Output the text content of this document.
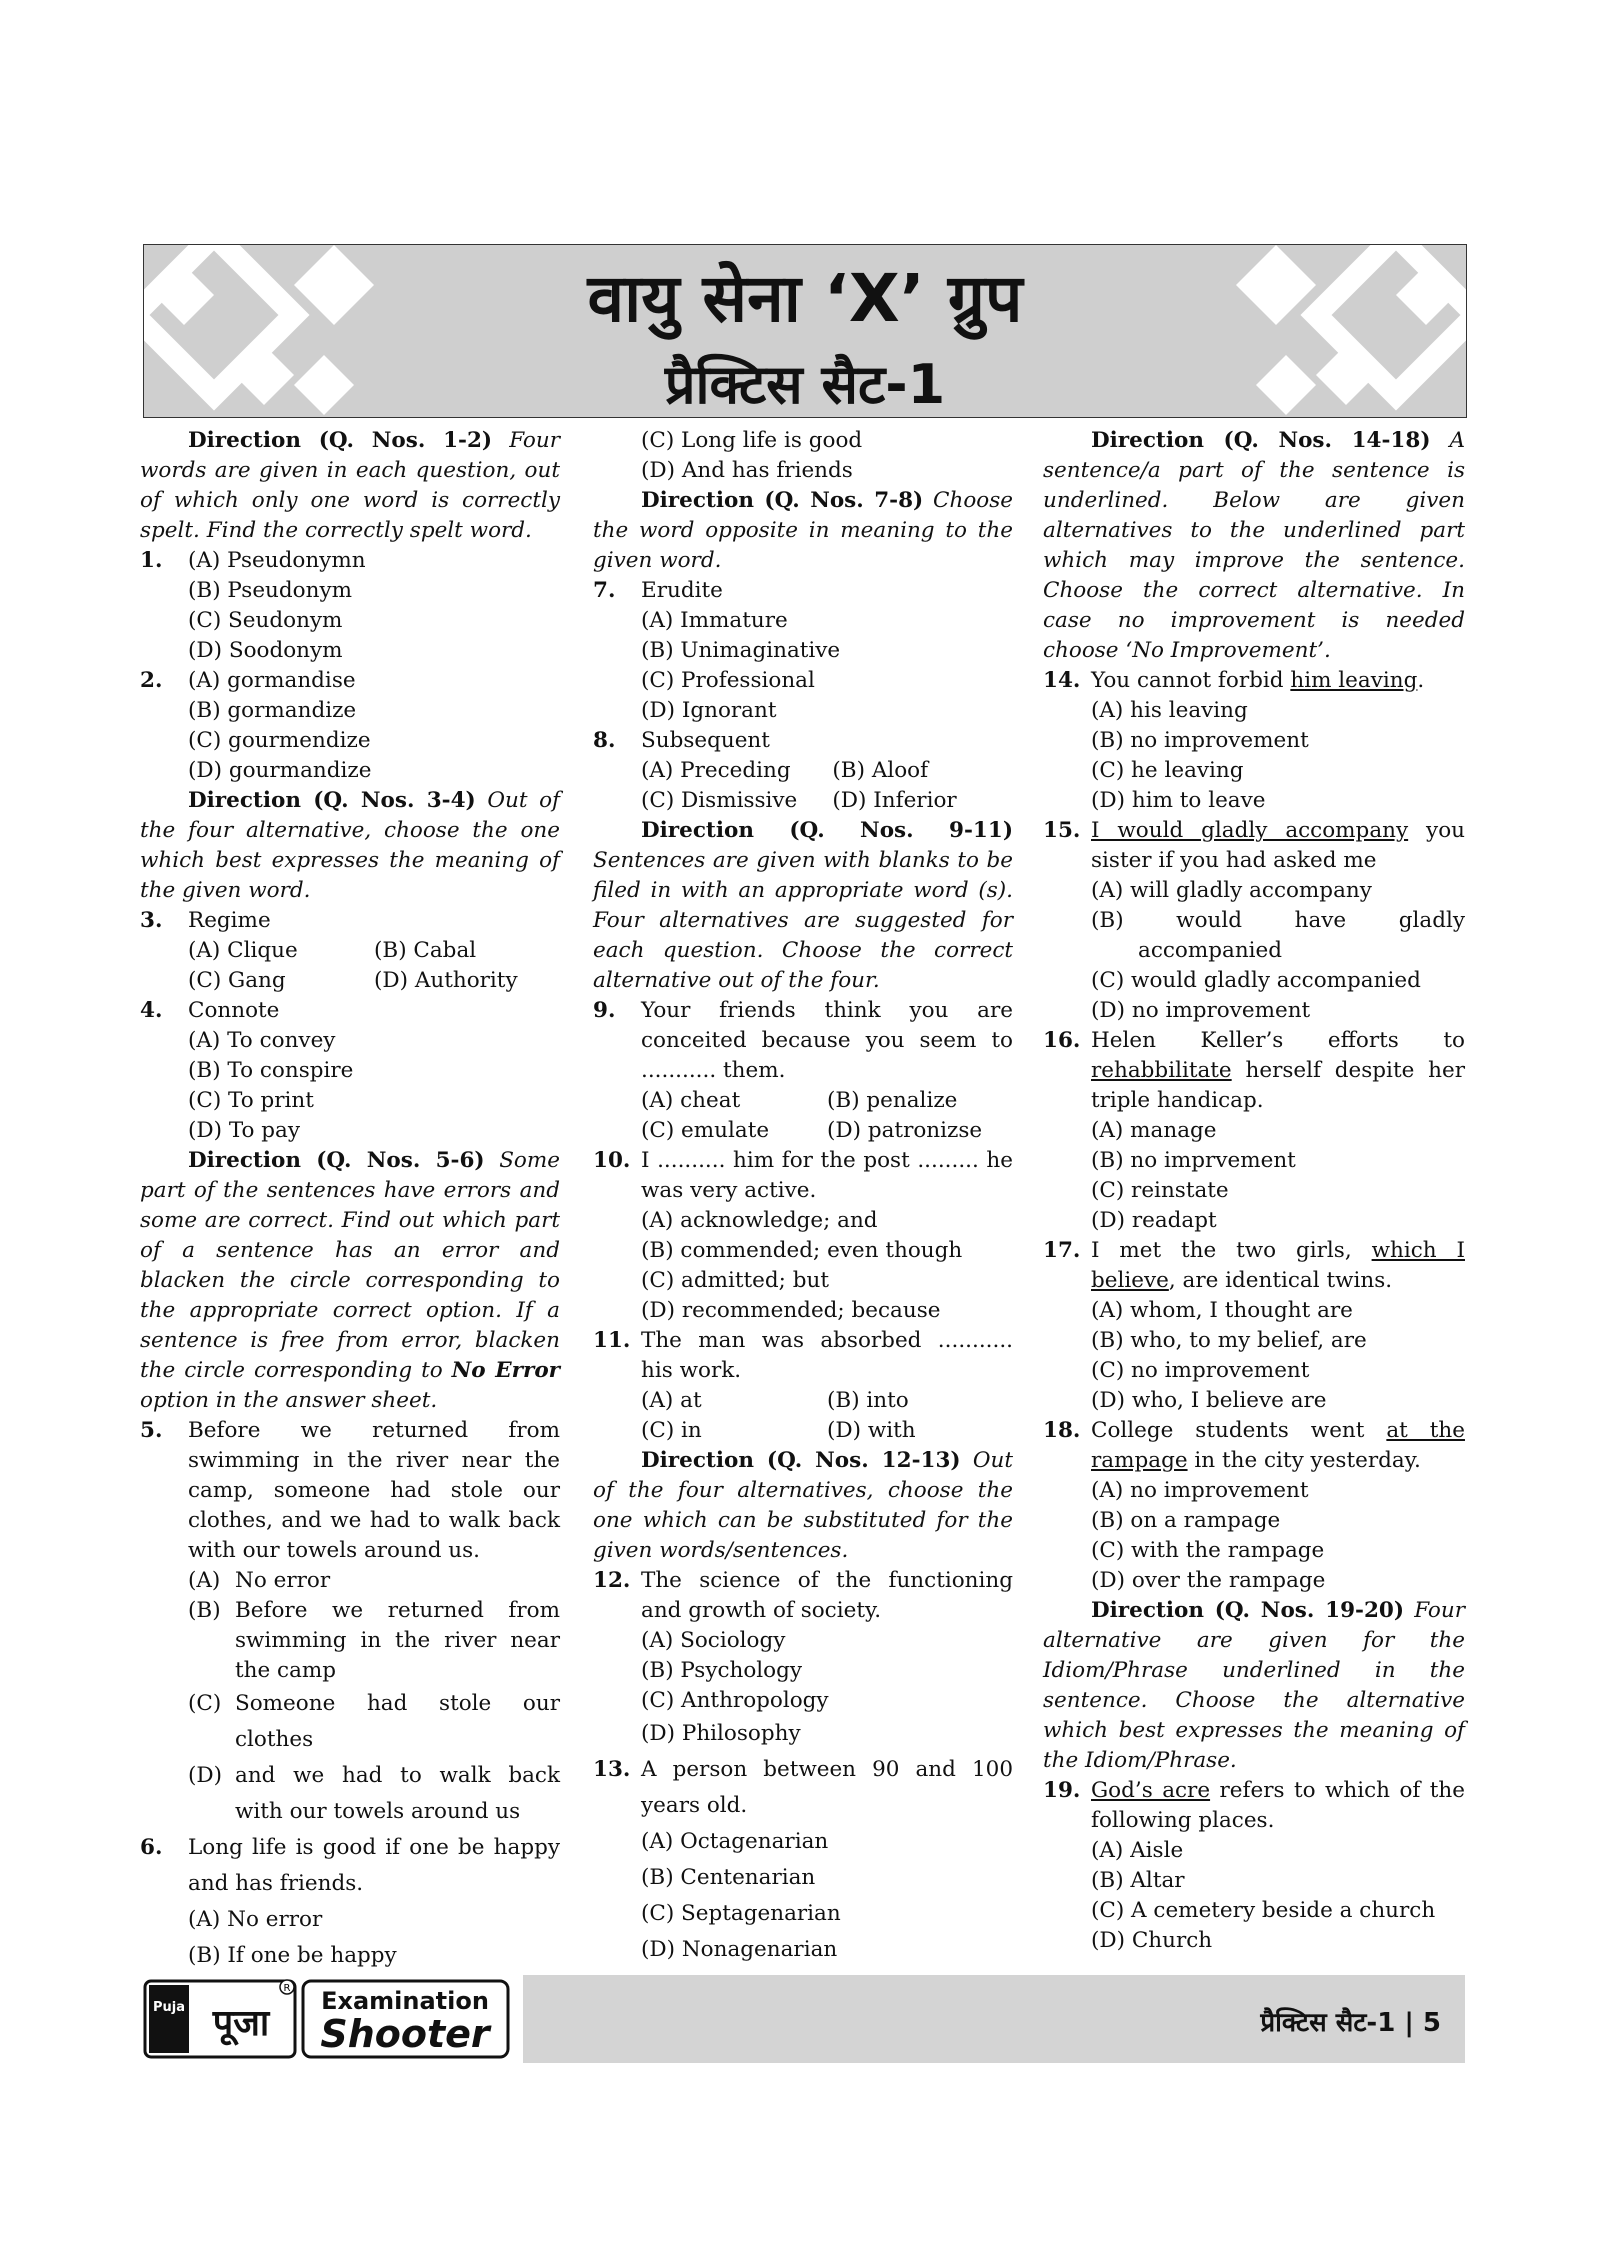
वायु सेना ‘X’ ग्रुप
प्रैक्टिस सैट-1

Direction (Q. Nos. 1-2) Four words are given in each question, out of which only one word is correctly spelt. Find the correctly spelt word.

1. (A) Pseudonymn

(B) Pseudonym

(C) Seudonym

(D) Soodonym

2. (A) gormandise

(B) gormandize

(C) gourmendize

(D) gourmandize

Direction (Q. Nos. 3-4) Out of the four alternative, choose the one which best expresses the meaning of the given word.

3. Regime

(A) Clique	(B) Cabal
(C) Gang	(D) Authority

4. Connote

(A) To convey

(B) To conspire

(C) To print

(D) To pay

Direction (Q. Nos. 5-6) Some part of the sentences have errors and some are correct. Find out which part of a sentence has an error and blacken the circle corresponding to the appropriate correct option. If a sentence is free from error, blacken the circle corresponding to No Error option in the answer sheet.

5. Before we returned from swimming in the river near the camp, someone had stole our clothes, and we had to walk back with our towels around us.

(A) No error

(B) Before we returned from swimming in the river near the camp

(C) Someone had stole our clothes

(D) and we had to walk back with our towels around us

6. Long life is good if one be happy and has friends.

(A) No error

(B) If one be happy

(C) Long life is good

(D) And has friends

Direction (Q. Nos. 7-8) Choose the word opposite in meaning to the given word.

7. Erudite

(A) Immature

(B) Unimaginative

(C) Professional

(D) Ignorant

8. Subsequent

(A) Preceding	(B) Aloof
(C) Dismissive	(D) Inferior

Direction (Q. Nos. 9-11) Sentences are given with blanks to be filed in with an appropriate word (s). Four alternatives are suggested for each question. Choose the correct alternative out of the four.

9. Your friends think you are conceited because you seem to ........... them.

(A) cheat	(B) penalize
(C) emulate	(D) patronizse

10. I .......... him for the post ......... he was very active.

(A) acknowledge; and

(B) commended; even though

(C) admitted; but

(D) recommended; because

11. The man was absorbed ........... his work.

(A) at	(B) into
(C) in	(D) with

Direction (Q. Nos. 12-13) Out of the four alternatives, choose the one which can be substituted for the given words/sentences.

12. The science of the functioning and growth of society.

(A) Sociology

(B) Psychology

(C) Anthropology

(D) Philosophy

13. A person between 90 and 100 years old.

(A) Octagenarian

(B) Centenarian

(C) Septagenarian

(D) Nonagenarian

Direction (Q. Nos. 14-18) A sentence/a part of the sentence is underlined. Below are given alternatives to the underlined part which may improve the sentence. Choose the correct alternative. In case no improvement is needed choose ‘No Improvement’.

14. You cannot forbid him leaving.

(A) his leaving

(B) no improvement

(C) he leaving

(D) him to leave

15. I would gladly accompany you sister if you had asked me

(A) will gladly accompany

(B) would have gladly accompanied

(C) would gladly accompanied

(D) no improvement

16. Helen Keller’s efforts to rehabbilitate herself despite her triple handicap.

(A) manage

(B) no imprvement

(C) reinstate

(D) readapt

17. I met the two girls, which I believe, are identical twins.

(A) whom, I thought are

(B) who, to my belief, are

(C) no improvement

(D) who, I believe are

18. College students went at the rampage in the city yesterday.

(A) no improvement

(B) on a rampage

(C) with the rampage

(D) over the rampage

Direction (Q. Nos. 19-20) Four alternative are given for the Idiom/Phrase underlined in the sentence. Choose the alternative which best expresses the meaning of the Idiom/Phrase.

19. God’s acre refers to which of the following places.

(A) Aisle

(B) Altar

(C) A cemetery beside a church

(D) Church

Puja पूजा
R Examination
Shooter	प्रैक्टिस सैट-1 | 5
